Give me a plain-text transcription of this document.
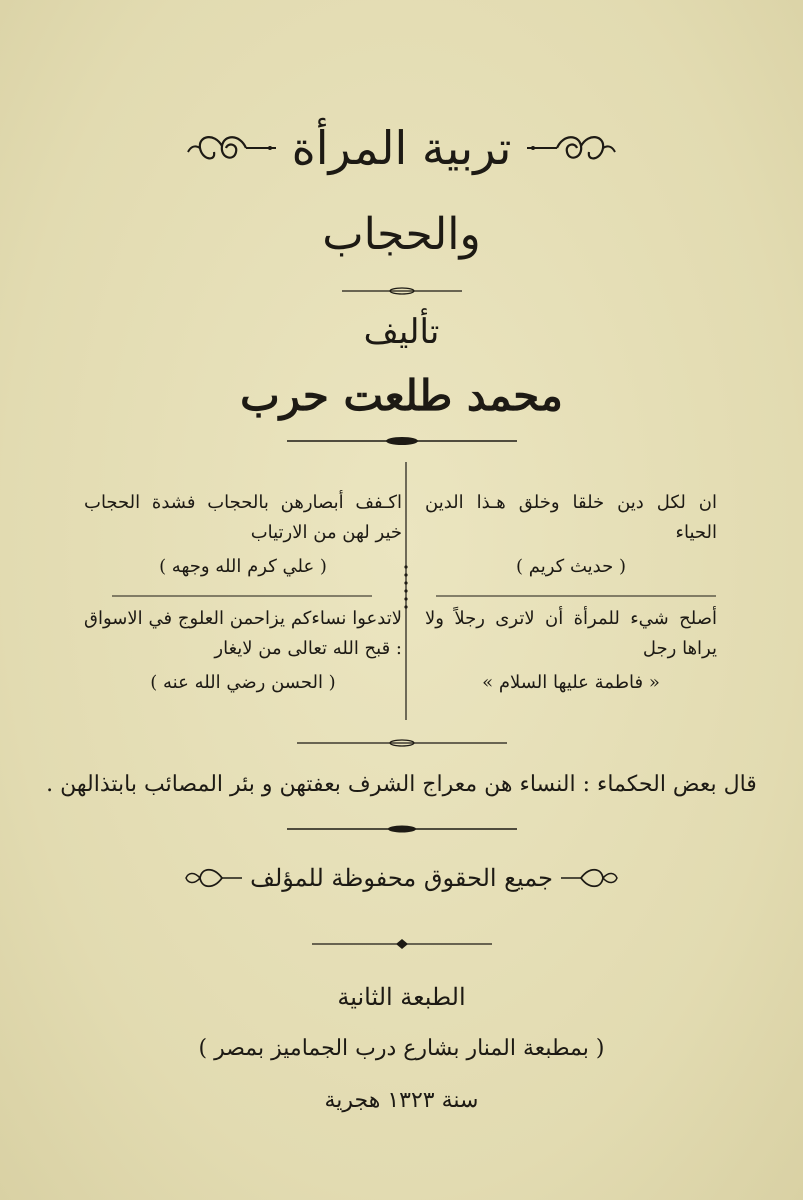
تربية المرأة
والحجاب
تأليف
محمد طلعت حرب
ان لكل دين خلقا وخلق هـذا الدين الحياء
( حديث كريم )
أصلح شيء للمرأة أن لاترى رجلاً ولا يراها رجل
« فاطمة عليها السلام »
اكـفف أبصارهن بالحجاب فشدة الحجاب خير لهن من الارتياب
( علي كرم الله وجهه )
لاتدعوا نساءكم يزاحمن العلوج في الاسواق : قبح الله تعالى من لايغار
( الحسن رضي الله عنه )
قال بعض الحكماء : النساء هن معراج الشرف بعفتهن و بئر المصائب بابتذالهن .
جميع الحقوق محفوظة للمؤلف
الطبعة الثانية
( بمطبعة المنار بشارع درب الجماميز بمصر )
سنة ١٣٢٣ هجرية
